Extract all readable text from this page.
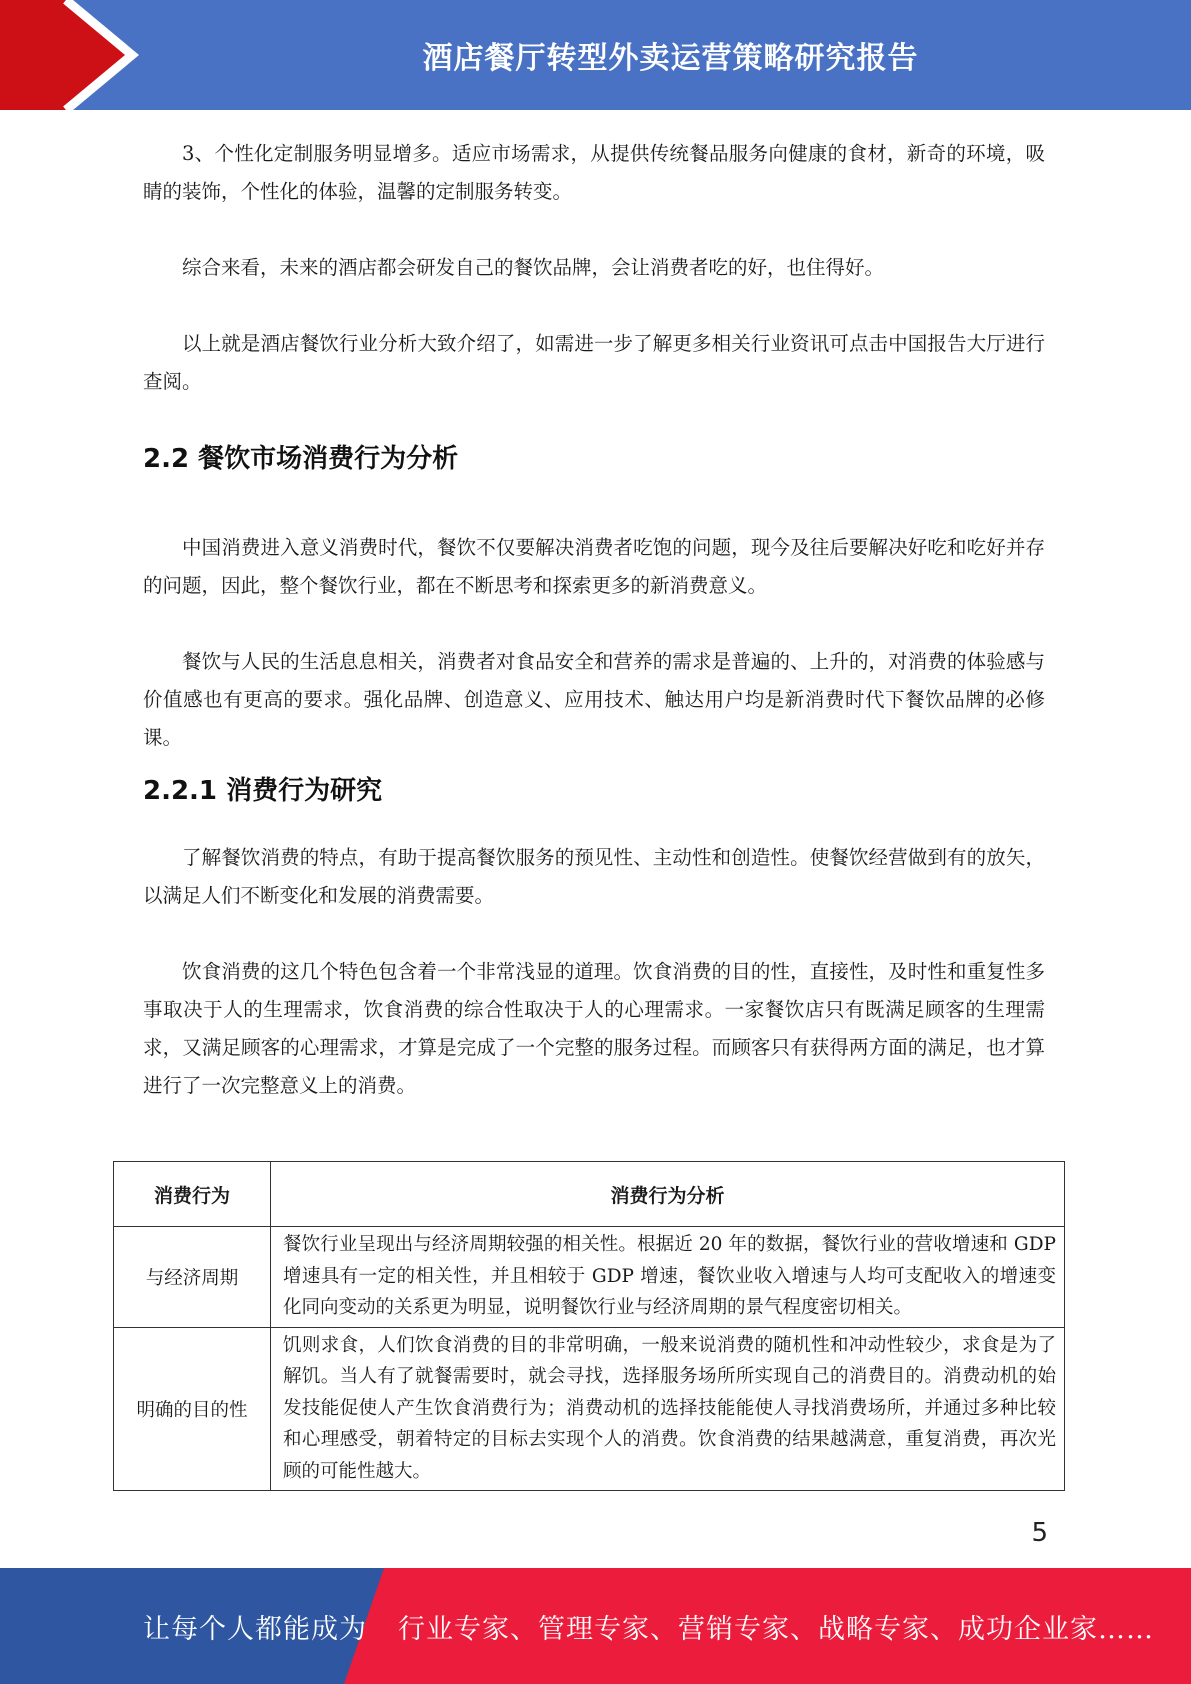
酒店餐厅转型外卖运营策略研究报告

3、个性化定制服务明显增多。适应市场需求，从提供传统餐品服务向健康的食材，新奇的环境，吸睛的装饰，个性化的体验，温馨的定制服务转变。

综合来看，未来的酒店都会研发自己的餐饮品牌，会让消费者吃的好，也住得好。

以上就是酒店餐饮行业分析大致介绍了，如需进一步了解更多相关行业资讯可点击中国报告大厅进行查阅。

2.2 餐饮市场消费行为分析

中国消费进入意义消费时代，餐饮不仅要解决消费者吃饱的问题，现今及往后要解决好吃和吃好并存的问题，因此，整个餐饮行业，都在不断思考和探索更多的新消费意义。

餐饮与人民的生活息息相关，消费者对食品安全和营养的需求是普遍的、上升的，对消费的体验感与价值感也有更高的要求。强化品牌、创造意义、应用技术、触达用户均是新消费时代下餐饮品牌的必修课。

2.2.1 消费行为研究

了解餐饮消费的特点，有助于提高餐饮服务的预见性、主动性和创造性。使餐饮经营做到有的放矢，以满足人们不断变化和发展的消费需要。

饮食消费的这几个特色包含着一个非常浅显的道理。饮食消费的目的性，直接性，及时性和重复性多事取决于人的生理需求，饮食消费的综合性取决于人的心理需求。一家餐饮店只有既满足顾客的生理需求，又满足顾客的心理需求，才算是完成了一个完整的服务过程。而顾客只有获得两方面的满足，也才算进行了一次完整意义上的消费。

消费行为	消费行为分析
与经济周期	餐饮行业呈现出与经济周期较强的相关性。根据近 20 年的数据，餐饮行业的营收增速和 GDP 增速具有一定的相关性，并且相较于 GDP 增速，餐饮业收入增速与人均可支配收入的增速变化同向变动的关系更为明显，说明餐饮行业与经济周期的景气程度密切相关。
明确的目的性	饥则求食，人们饮食消费的目的非常明确，一般来说消费的随机性和冲动性较少，求食是为了解饥。当人有了就餐需要时，就会寻找，选择服务场所所实现自己的消费目的。消费动机的始发技能促使人产生饮食消费行为；消费动机的选择技能能使人寻找消费场所，并通过多种比较和心理感受，朝着特定的目标去实现个人的消费。饮食消费的结果越满意，重复消费，再次光顾的可能性越大。
5
让每个人都能成为 行业专家、管理专家、营销专家、战略专家、成功企业家……
